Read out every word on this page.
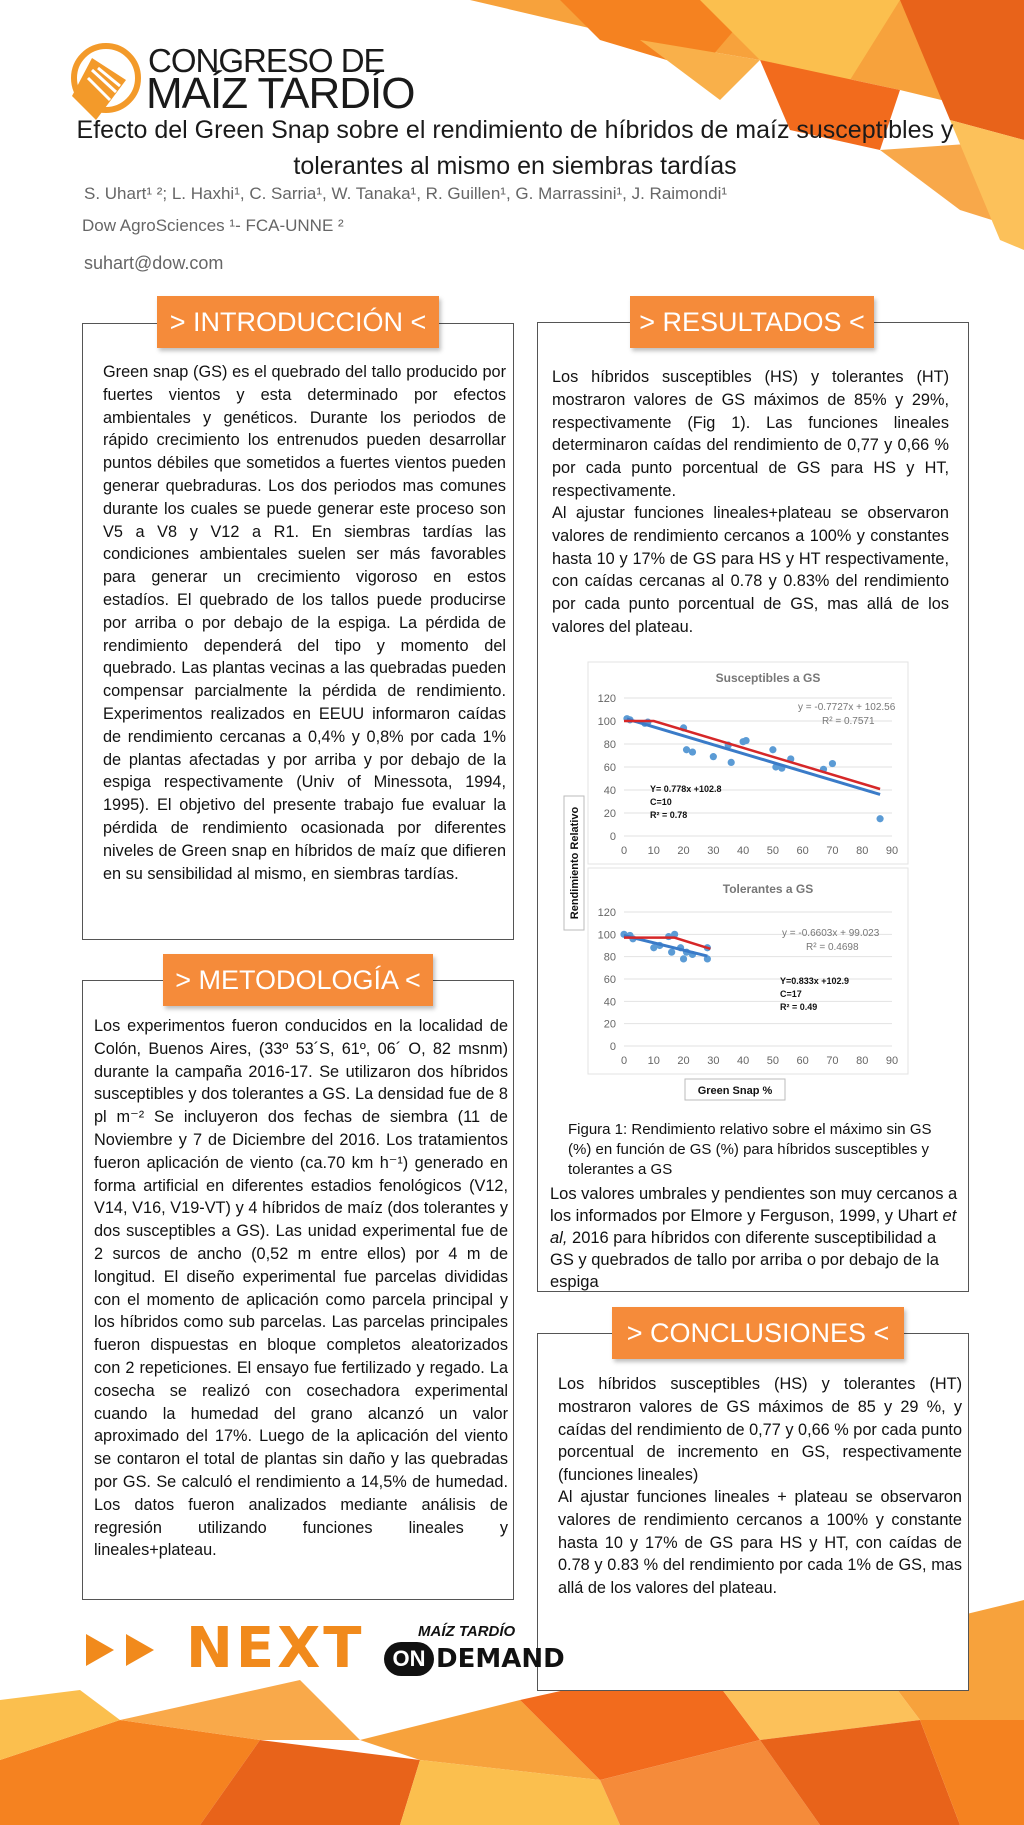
CONGRESO DE
MAÍZ TARDÍO
Efecto del Green Snap sobre el rendimiento de híbridos de maíz susceptibles y tolerantes al mismo en siembras tardías
S. Uhart¹ ²; L. Haxhi¹, C. Sarria¹, W. Tanaka¹, R. Guillen¹, G. Marrassini¹, J. Raimondi¹
Dow AgroSciences ¹- FCA-UNNE ²
suhart@dow.com
> INTRODUCCIÓN <
Green snap (GS) es el quebrado del tallo producido por fuertes vientos y esta determinado por efectos ambientales y genéticos. Durante los periodos de rápido crecimiento los entrenudos pueden desarrollar puntos débiles que sometidos a fuertes vientos pueden generar quebraduras. Los dos periodos mas comunes durante los cuales se puede generar este proceso son V5 a V8 y V12 a R1. En siembras tardías las condiciones ambientales suelen ser más favorables para generar un crecimiento vigoroso en estos estadíos. El quebrado de los tallos puede producirse por arriba o por debajo de la espiga. La pérdida de rendimiento dependerá del tipo y momento del quebrado. Las plantas vecinas a las quebradas pueden compensar parcialmente la pérdida de rendimiento. Experimentos realizados en EEUU informaron caídas de rendimiento cercanas a 0,4% y 0,8% por cada 1% de plantas afectadas y por arriba y por debajo de la espiga respectivamente (Univ of Minessota, 1994, 1995). El objetivo del presente trabajo fue evaluar la pérdida de rendimiento ocasionada por diferentes niveles de Green snap en híbridos de maíz que difieren en su sensibilidad al mismo, en siembras tardías.
> METODOLOGÍA <
Los experimentos fueron conducidos en la localidad de Colón, Buenos Aires, (33º 53´S, 61º, 06´ O, 82 msnm) durante la campaña 2016-17. Se utilizaron dos híbridos susceptibles y dos tolerantes a GS. La densidad fue de 8 pl m⁻² Se incluyeron dos fechas de siembra (11 de Noviembre y 7 de Diciembre del 2016. Los tratamientos fueron aplicación de viento (ca.70 km h⁻¹) generado en forma artificial en diferentes estadios fenológicos (V12, V14, V16, V19-VT) y 4 híbridos de maíz (dos tolerantes y dos susceptibles a GS). Las unidad experimental fue de 2 surcos de ancho (0,52 m entre ellos) por 4 m de longitud. El diseño experimental fue parcelas divididas con el momento de aplicación como parcela principal y los híbridos como sub parcelas. Las parcelas principales fueron dispuestas en bloque completos aleatorizados con 2 repeticiones. El ensayo fue fertilizado y regado. La cosecha se realizó con cosechadora experimental cuando la humedad del grano alcanzó un valor aproximado del 17%. Luego de la aplicación del viento se contaron el total de plantas sin daño y las quebradas por GS. Se calculó el rendimiento a 14,5% de humedad. Los datos fueron analizados mediante análisis de regresión utilizando funciones lineales y lineales+plateau.
> RESULTADOS <
Los híbridos susceptibles (HS) y tolerantes (HT) mostraron valores de GS máximos de 85% y 29%, respectivamente (Fig 1). Las funciones lineales determinaron caídas del rendimiento de 0,77 y 0,66 % por cada punto porcentual de GS para HS y HT, respectivamente.
Al ajustar funciones lineales+plateau se observaron valores de rendimiento cercanos a 100% y constantes hasta 10 y 17% de GS para HS y HT respectivamente, con caídas cercanas al 0.78 y 0.83% del rendimiento por cada punto porcentual de GS, mas allá de los valores del plateau.
Susceptibles a GS
0
20
40
60
80
100
120
0 10 20 30 40 50 60 70 80 90
y = -0.7727x + 102.56
R² = 0.7571
Y= 0.778x +102.8
C=10
R² = 0.78
Tolerantes a GS
0
20
40
60
80
100
120
0 10 20 30 40 50 60 70 80 90
y = -0.6603x + 99.023
R² = 0.4698
Y=0.833x +102.9
C=17
R² = 0.49
Rendimiento Relativo
Green Snap %
Figura 1: Rendimiento relativo sobre el máximo sin GS (%) en función de GS (%) para híbridos susceptibles y tolerantes a GS
Los valores umbrales y pendientes son muy cercanos a los informados por Elmore y Ferguson, 1999, y Uhart et al, 2016 para híbridos con diferente susceptibilidad a GS y quebrados de tallo por arriba o por debajo de la espiga
> CONCLUSIONES <
Los híbridos susceptibles (HS) y tolerantes (HT) mostraron valores de GS máximos de 85 y 29 %, y caídas del rendimiento de 0,77 y 0,66 % por cada punto porcentual de incremento en GS, respectivamente (funciones lineales)
Al ajustar funciones lineales + plateau se observaron valores de rendimiento cercanos a 100% y constante hasta 10 y 17% de GS para HS y HT, con caídas de 0.78 y 0.83 % del rendimiento por cada 1% de GS, mas allá de los valores del plateau.
NEXT	MAÍZ TARDÍO
ON DEMAND
